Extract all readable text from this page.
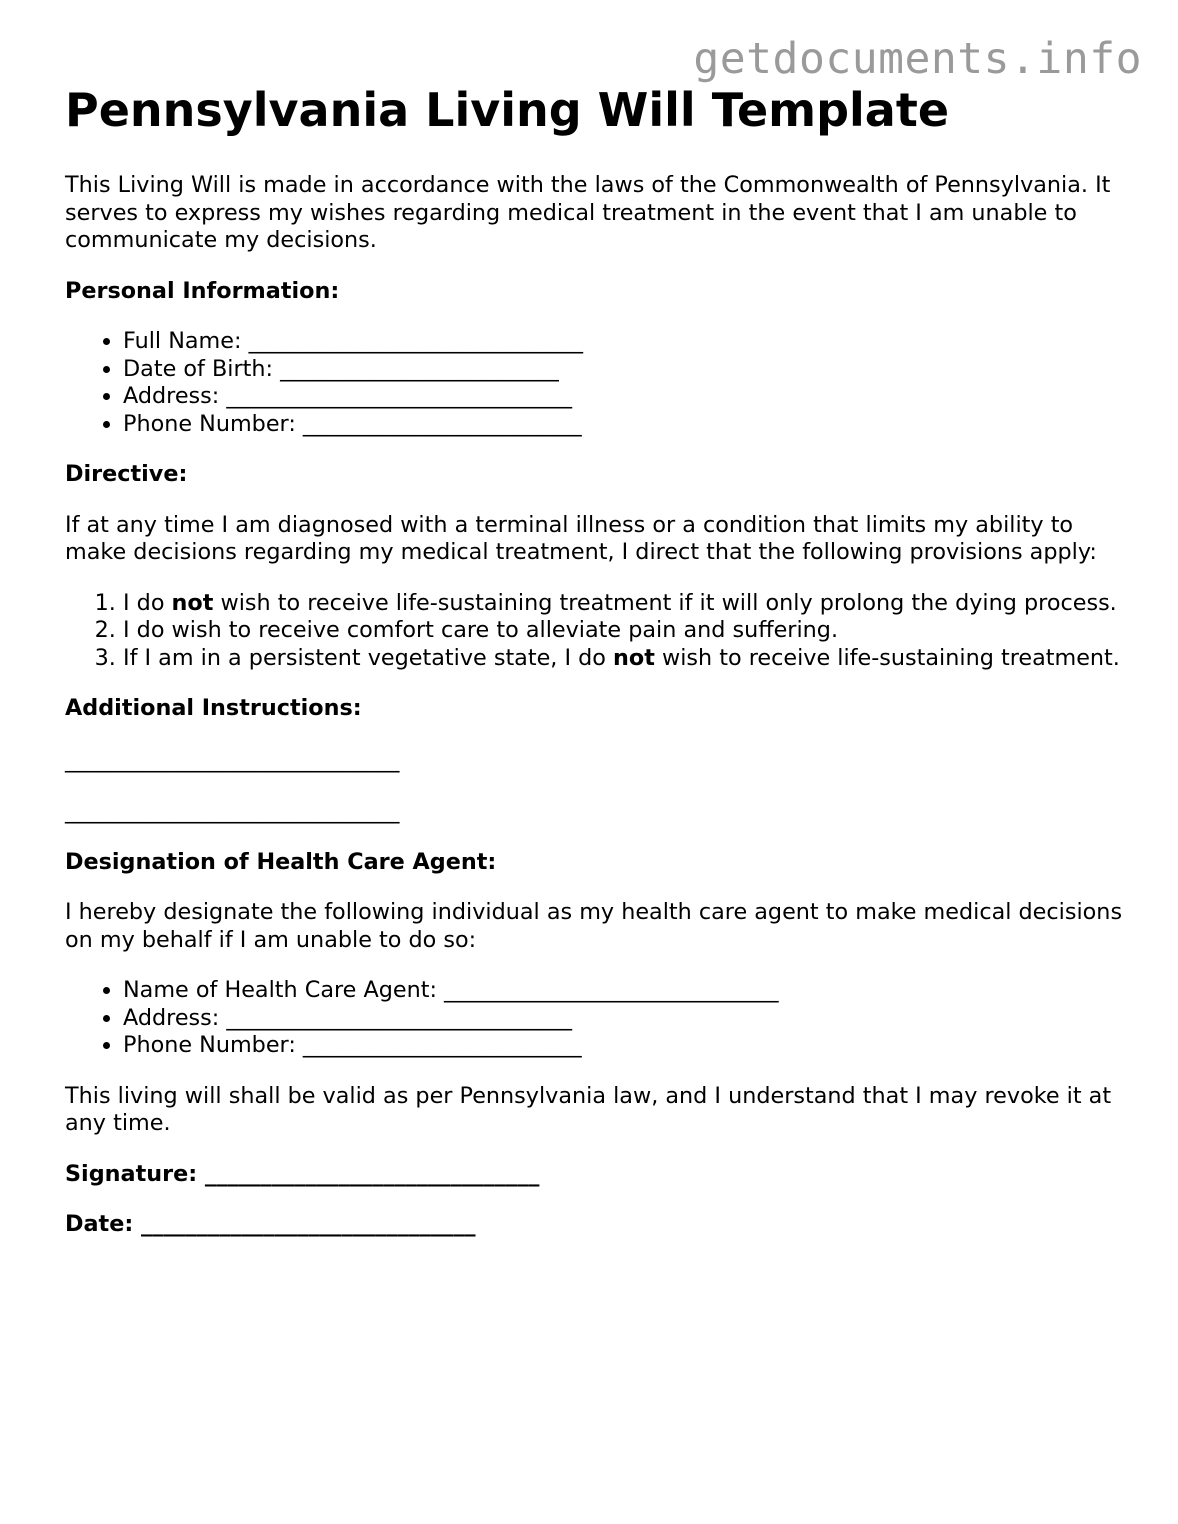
getdocuments.info
Pennsylvania Living Will Template

This Living Will is made in accordance with the laws of the Commonwealth of Pennsylvania. It serves to express my wishes regarding medical treatment in the event that I am unable to communicate my decisions.

Personal Information:

• Full Name: ______________________________
• Date of Birth: _________________________
• Address: _______________________________
• Phone Number: _________________________

Directive:

If at any time I am diagnosed with a terminal illness or a condition that limits my ability to make decisions regarding my medical treatment, I direct that the following provisions apply:

1. I do not wish to receive life-sustaining treatment if it will only prolong the dying process.
2. I do wish to receive comfort care to alleviate pain and suffering.
3. If I am in a persistent vegetative state, I do not wish to receive life-sustaining treatment.

Additional Instructions:

______________________________

______________________________

Designation of Health Care Agent:

I hereby designate the following individual as my health care agent to make medical decisions on my behalf if I am unable to do so:

• Name of Health Care Agent: ______________________________
• Address: _______________________________
• Phone Number: _________________________

This living will shall be valid as per Pennsylvania law, and I understand that I may revoke it at any time.

Signature: ______________________________

Date: ______________________________
